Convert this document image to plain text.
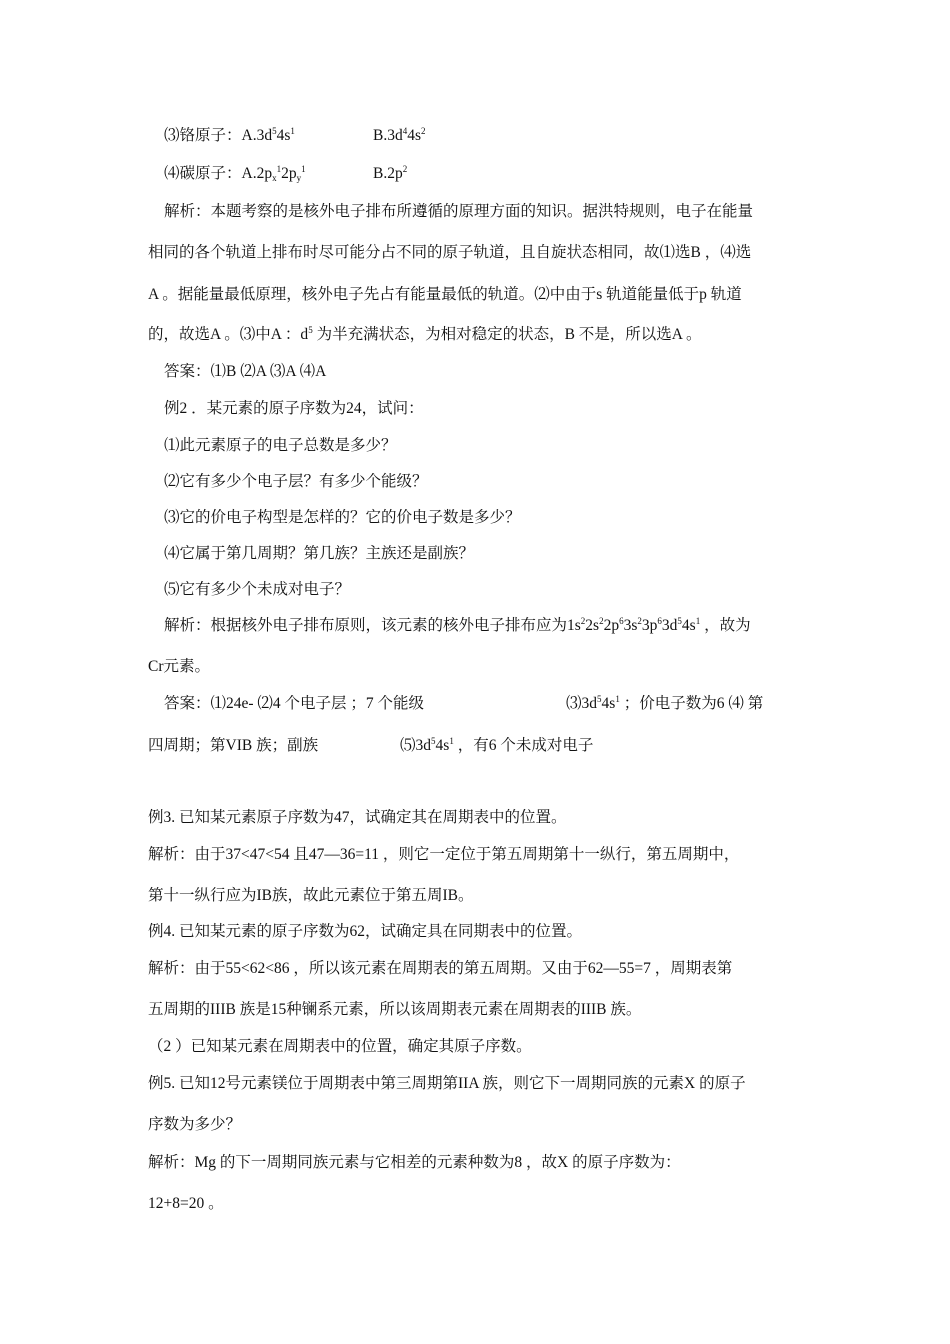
⑶铬原子：$A.3d^54s^1$	$B.3d^44s^2$
⑷碳原子：$A.2p_x^12p_y^1$	$B.2p^2$
解析：本题考察的是核外电子排布所遵循的原理方面的知识。据洪特规则，电子在能量
相同的各个轨道上排布时尽可能分占不同的原子轨道，且自旋状态相同，故⑴选B ，⑷选
A 。据能量最低原理，核外电子先占有能量最低的轨道。⑵中由于s 轨道能量低于p 轨道
的，故选A 。⑶中A ：$d^5$ 为半充满状态，为相对稳定的状态，B 不是，所以选A 。
答案：⑴B ⑵A ⑶A ⑷A
例2 ．某元素的原子序数为24，试问：
⑴此元素原子的电子总数是多少？
⑵它有多少个电子层？有多少个能级？
⑶它的价电子构型是怎样的？它的价电子数是多少？
⑷它属于第几周期？第几族？主族还是副族？
⑸它有多少个未成对电子？
解析：根据核外电子排布原则，该元素的核外电子排布应为$1s^22s^22p^63s^23p^63d^54s^1$ ，故为
Cr元素。
答案：⑴24e- ⑵4 个电子层 ；7 个能级	$⑶3d^54s^1$ ；价电子数为6 ⑷ 第
四周期；第VIB 族；副族	$⑸3d^54s^1$ ，有6 个未成对电子
例3. 已知某元素原子序数为47，试确定其在周期表中的位置。
解析：由于37<47<54 且47—36=11 ，则它一定位于第五周期第十一纵行，第五周期中，
第十一纵行应为IB族，故此元素位于第五周IB。
例4. 已知某元素的原子序数为62，试确定具在同期表中的位置。
解析：由于55<62<86 ，所以该元素在周期表的第五周期。又由于62—55=7 ，周期表第
五周期的IIIB 族是15种镧系元素，所以该周期表元素在周期表的IIIB 族。
（2 ）已知某元素在周期表中的位置，确定其原子序数。
例5. 已知12号元素镁位于周期表中第三周期第IIA 族，则它下一周期同族的元素X 的原子
序数为多少？
解析：Mg 的下一周期同族元素与它相差的元素种数为8 ，故X 的原子序数为：
12+8=20 。
